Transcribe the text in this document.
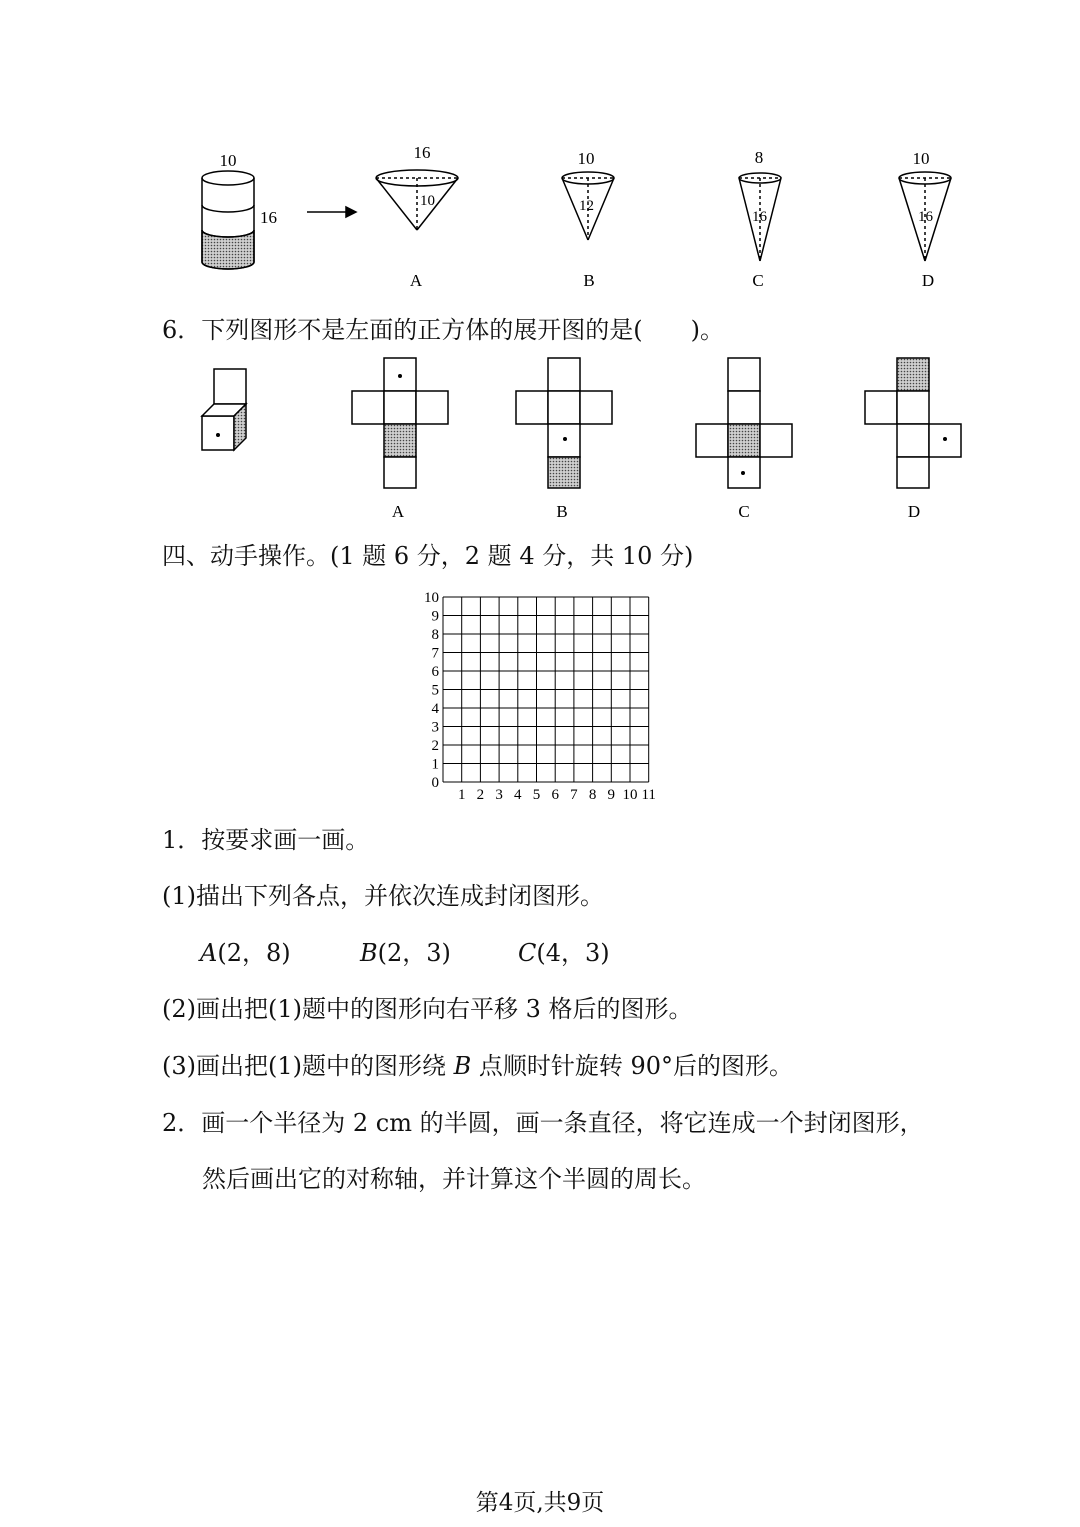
10
16
16
10
A
10
12
B
8
16
C
10
16
D
6．下列图形不是左面的正方体的展开图的是(　　)。
A	B	C	D
四、动手操作。(1 题 6 分，2 题 4 分，共 10 分)
0
1
2
3
4
5
6
7
8
9
10
1 2 3 4 5 6 7 8 9 10 11
1．按要求画一画。
(1)描出下列各点，并依次连成封闭图形。
A(2，8)	B(2，3)	C(4，3)
(2)画出把(1)题中的图形向右平移 3 格后的图形。
(3)画出把(1)题中的图形绕 B 点顺时针旋转 90°后的图形。
2．画一个半径为 2 cm 的半圆，画一条直径，将它连成一个封闭图形，
然后画出它的对称轴，并计算这个半圆的周长。
第4页,共9页
